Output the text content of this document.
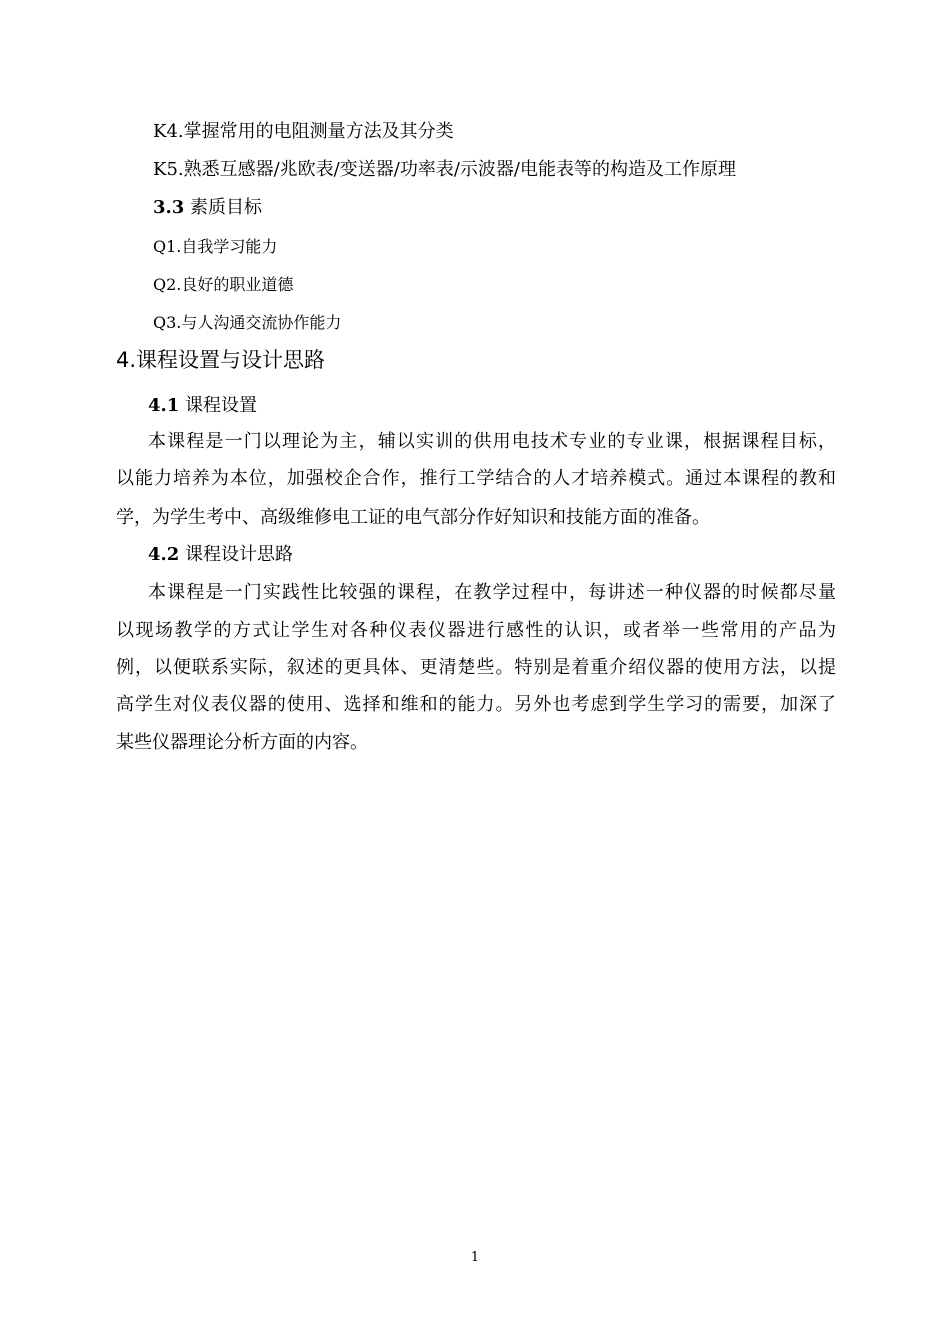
K4.掌握常用的电阻测量方法及其分类
K5.熟悉互感器/兆欧表/变送器/功率表/示波器/电能表等的构造及工作原理
3.3 素质目标
Q1.自我学习能力
Q2.良好的职业道德
Q3.与人沟通交流协作能力
4.课程设置与设计思路
4.1 课程设置
本课程是一门以理论为主，辅以实训的供用电技术专业的专业课，根据课程目标，
以能力培养为本位，加强校企合作，推行工学结合的人才培养模式。通过本课程的教和
学，为学生考中、高级维修电工证的电气部分作好知识和技能方面的准备。
4.2 课程设计思路
本课程是一门实践性比较强的课程，在教学过程中，每讲述一种仪器的时候都尽量
以现场教学的方式让学生对各种仪表仪器进行感性的认识，或者举一些常用的产品为
例，以便联系实际，叙述的更具体、更清楚些。特别是着重介绍仪器的使用方法，以提
高学生对仪表仪器的使用、选择和维和的能力。另外也考虑到学生学习的需要，加深了
某些仪器理论分析方面的内容。
1
